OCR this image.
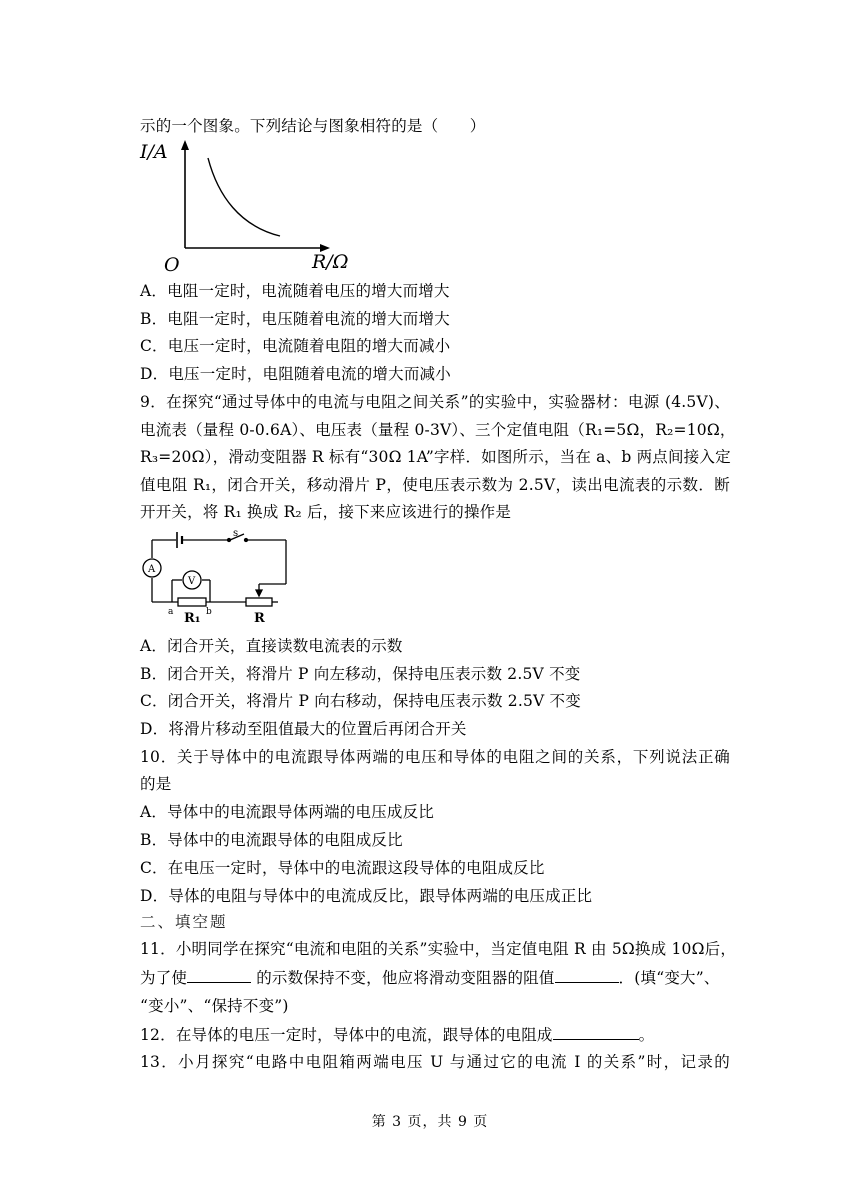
示的一个图象。下列结论与图象相符的是（　　）
I/A
O	R/Ω
A．电阻一定时，电流随着电压的增大而增大
B．电阻一定时，电压随着电流的增大而增大
C．电压一定时，电流随着电阻的增大而减小
D．电压一定时，电阻随着电流的增大而减小
9．在探究“通过导体中的电流与电阻之间关系”的实验中，实验器材：电源 (4.5V)、
电流表（量程 0-0.6A）、电压表（量程 0-3V）、三个定值电阻（R₁=5Ω，R₂=10Ω，
R₃=20Ω），滑动变阻器 R 标有“30Ω 1A”字样．如图所示，当在 a、b 两点间接入定
值电阻 R₁，闭合开关，移动滑片 P，使电压表示数为 2.5V，读出电流表的示数．断
开开关，将 R₁ 换成 R₂ 后，接下来应该进行的操作是
A
V
s
a	b
R₁	R
A．闭合开关，直接读数电流表的示数
B．闭合开关，将滑片 P 向左移动，保持电压表示数 2.5V 不变
C．闭合开关，将滑片 P 向右移动，保持电压表示数 2.5V 不变
D．将滑片移动至阻值最大的位置后再闭合开关
10．关于导体中的电流跟导体两端的电压和导体的电阻之间的关系，下列说法正确
的是
A．导体中的电流跟导体两端的电压成反比
B．导体中的电流跟导体的电阻成反比
C．在电压一定时，导体中的电流跟这段导体的电阻成反比
D．导体的电阻与导体中的电流成反比，跟导体两端的电压成正比
二、填空题
11．小明同学在探究“电流和电阻的关系”实验中，当定值电阻 R 由 5Ω换成 10Ω后，
为了使	的示数保持不变，他应将滑动变阻器的阻值	．(填“变大”、
“变小”、“保持不变”)
12．在导体的电压一定时，导体中的电流，跟导体的电阻成	。
13．小月探究“电路中电阻箱两端电压 U 与通过它的电流 I 的关系”时，记录的
第 3 页，共 9 页
